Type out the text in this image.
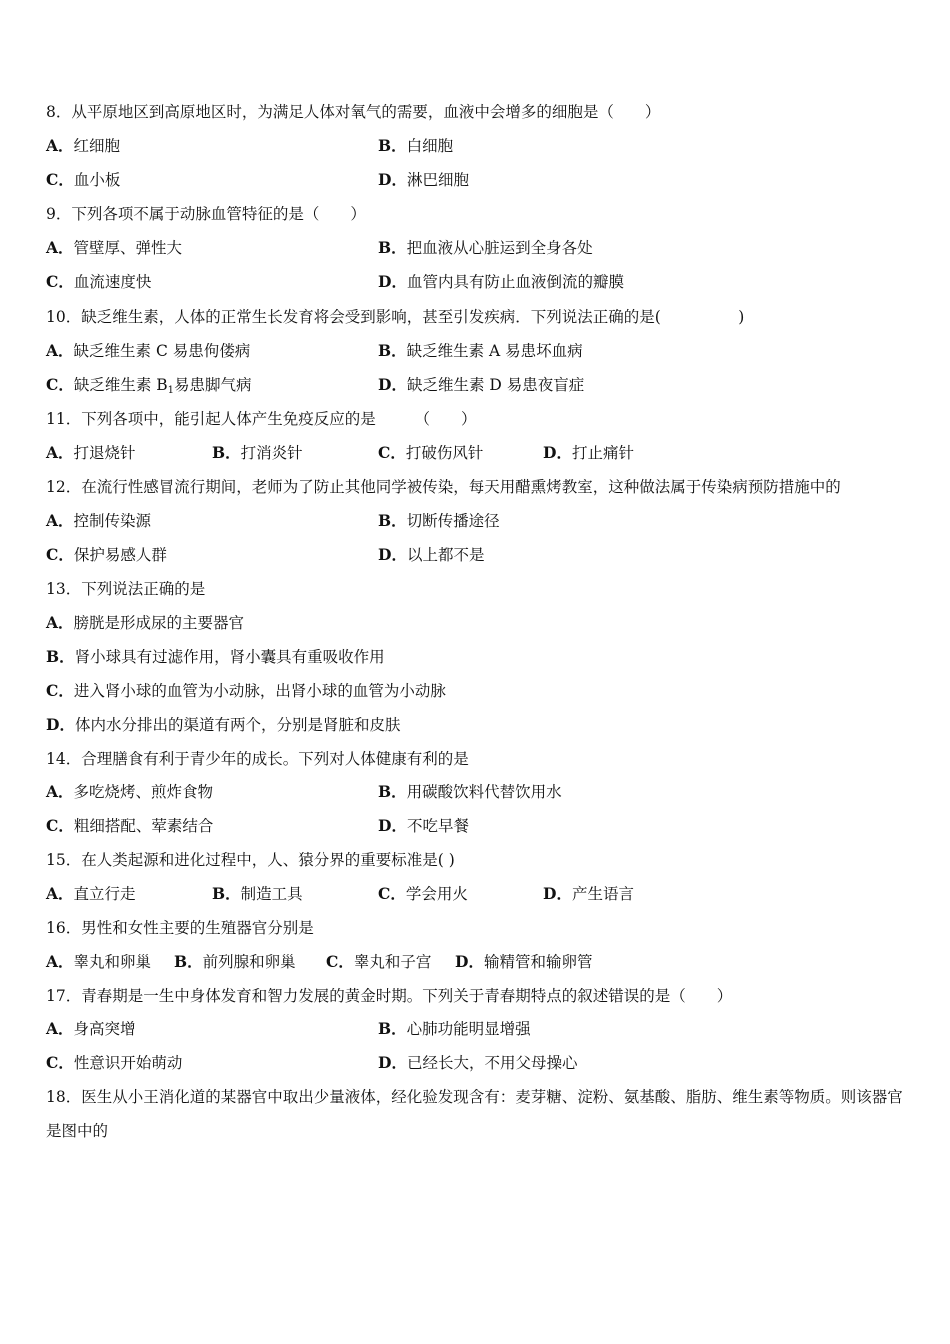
8．从平原地区到高原地区时，为满足人体对氧气的需要，血液中会增多的细胞是（　　）
A．红细胞	B．白细胞
C．血小板	D．淋巴细胞
9．下列各项不属于动脉血管特征的是（　　）
A．管壁厚、弹性大	B．把血液从心脏运到全身各处
C．血流速度快	D．血管内具有防止血液倒流的瓣膜
10．缺乏维生素，人体的正常生长发育将会受到影响，甚至引发疾病．下列说法正确的是(　　　　　)
A．缺乏维生素 C 易患佝偻病	B．缺乏维生素 A 易患坏血病
C．缺乏维生素 $B_1$易患脚气病	D．缺乏维生素 D 易患夜盲症
11．下列各项中，能引起人体产生免疫反应的是　　　（　　）
A．打退烧针	B．打消炎针	C．打破伤风针	D．打止痛针
12．在流行性感冒流行期间，老师为了防止其他同学被传染，每天用醋熏烤教室，这种做法属于传染病预防措施中的
A．控制传染源	B．切断传播途径
C．保护易感人群	D．以上都不是
13．下列说法正确的是
A．膀胱是形成尿的主要器官
B．肾小球具有过滤作用，肾小囊具有重吸收作用
C．进入肾小球的血管为小动脉，出肾小球的血管为小动脉
D．体内水分排出的渠道有两个，分别是肾脏和皮肤
14．合理膳食有利于青少年的成长。下列对人体健康有利的是
A．多吃烧烤、煎炸食物	B．用碳酸饮料代替饮用水
C．粗细搭配、荤素结合	D．不吃早餐
15．在人类起源和进化过程中，人、猿分界的重要标准是( )
A．直立行走	B．制造工具	C．学会用火	D．产生语言
16．男性和女性主要的生殖器官分别是
A．睾丸和卵巢 B．前列腺和卵巢 C．睾丸和子宫 D．输精管和输卵管
17．青春期是一生中身体发育和智力发展的黄金时期。下列关于青春期特点的叙述错误的是（　　）
A．身高突增	B．心肺功能明显增强
C．性意识开始萌动	D．已经长大，不用父母操心
18．医生从小王消化道的某器官中取出少量液体，经化验发现含有：麦芽糖、淀粉、氨基酸、脂肪、维生素等物质。则该器官是图中的
